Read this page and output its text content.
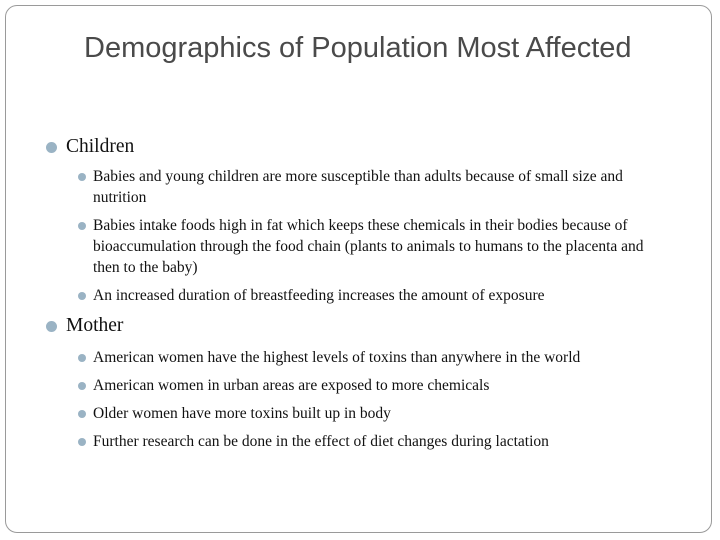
Demographics of Population Most Affected
Children
Babies and young children are more susceptible than adults because of small size and nutrition
Babies intake foods high in fat which keeps these chemicals in their bodies because of bioaccumulation through the food chain (plants to animals to humans to the placenta and then to the baby)
An increased duration of breastfeeding increases the amount of exposure
Mother
American women have the highest levels of toxins than anywhere in the world
American women in urban areas are exposed to more chemicals
Older women have more toxins built up in body
Further research can be done in the effect of diet changes during lactation
